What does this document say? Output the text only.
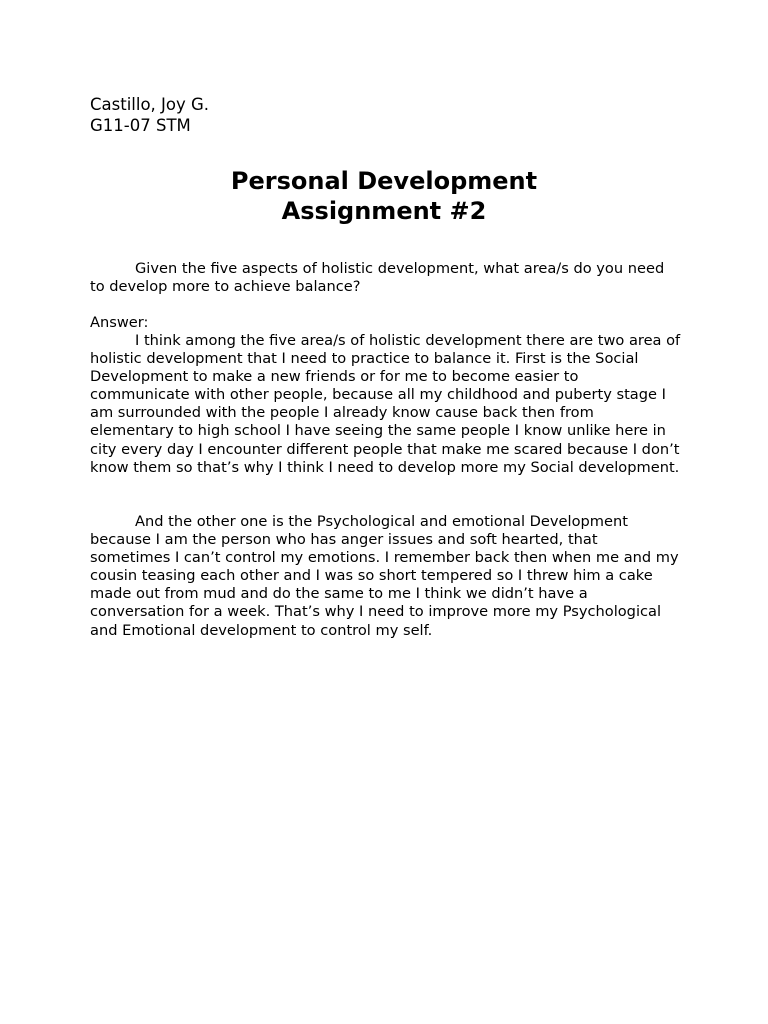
Castillo, Joy G.
G11-07 STM
Personal Development
Assignment #2
Given the five aspects of holistic development, what area/s do you need to develop more to achieve balance?
Answer:
I think among the five area/s of holistic development there are two area of holistic development that I need to practice to balance it. First is the Social Development to make a new friends or for me to become easier to communicate with other people, because all my childhood and puberty stage I am surrounded with the people I already know cause back then from elementary to high school I have seeing the same people I know unlike here in city every day I encounter different people that make me scared because I don’t know them so that’s why I think I need to develop more my Social development.
And the other one is the Psychological and emotional Development because I am the person who has anger issues and soft hearted, that sometimes I can’t control my emotions. I remember back then when me and my cousin teasing each other and I was so short tempered so I threw him a cake made out from mud and do the same to me I think we didn’t have a conversation for a week. That’s why I need to improve more my Psychological and Emotional development to control my self.
